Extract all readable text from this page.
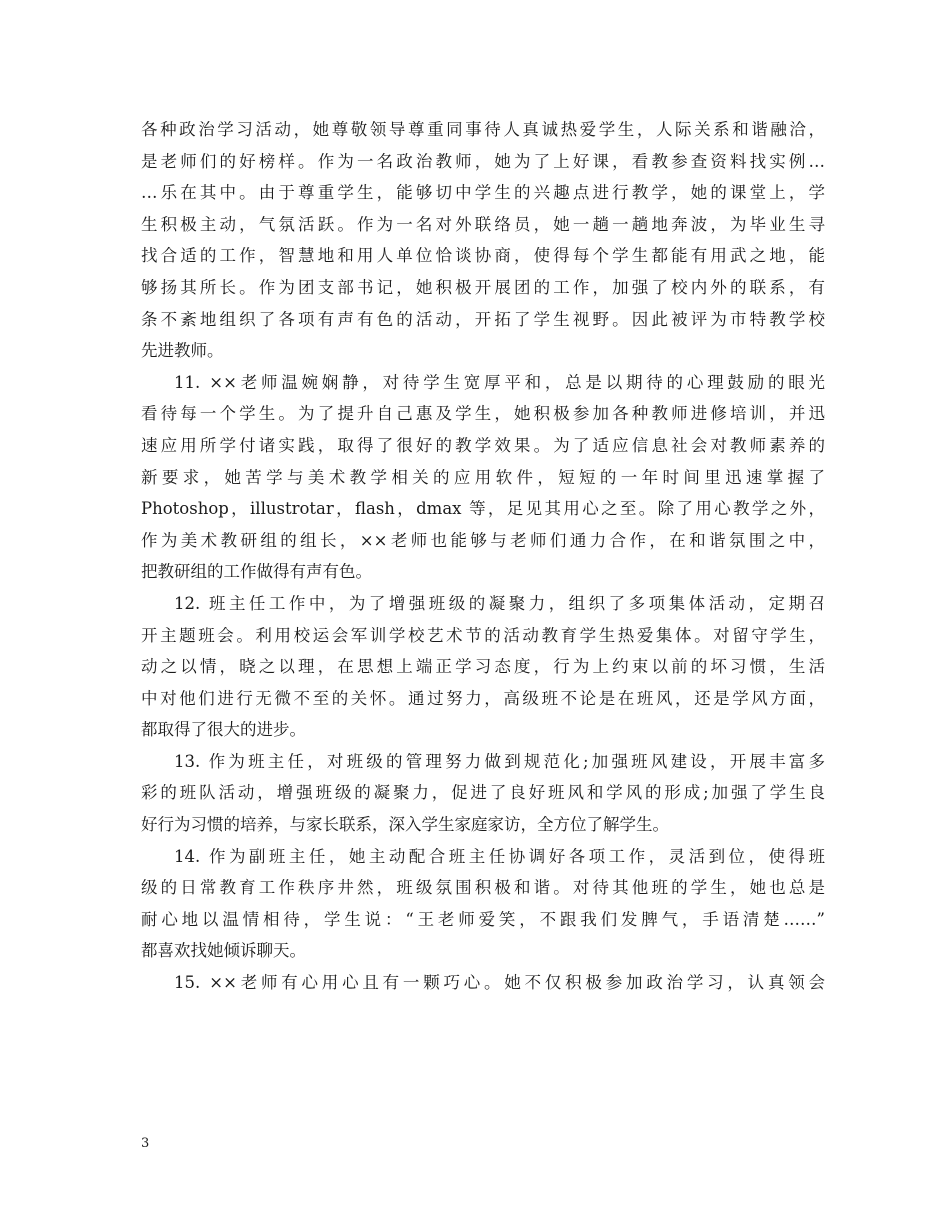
各种政治学习活动，她尊敬领导尊重同事待人真诚热爱学生，人际关系和谐融洽，
是老师们的好榜样。作为一名政治教师，她为了上好课，看教参查资料找实例…
…乐在其中。由于尊重学生，能够切中学生的兴趣点进行教学，她的课堂上，学
生积极主动，气氛活跃。作为一名对外联络员，她一趟一趟地奔波，为毕业生寻
找合适的工作，智慧地和用人单位恰谈协商，使得每个学生都能有用武之地，能
够扬其所长。作为团支部书记，她积极开展团的工作，加强了校内外的联系，有
条不紊地组织了各项有声有色的活动，开拓了学生视野。因此被评为市特教学校
先进教师。
11. ××老师温婉娴静，对待学生宽厚平和，总是以期待的心理鼓励的眼光
看待每一个学生。为了提升自己惠及学生，她积极参加各种教师进修培训，并迅
速应用所学付诸实践，取得了很好的教学效果。为了适应信息社会对教师素养的
新要求，她苦学与美术教学相关的应用软件，短短的一年时间里迅速掌握了
Photoshop，illustrotar，flash，dmax 等，足见其用心之至。除了用心教学之外，
作为美术教研组的组长，××老师也能够与老师们通力合作，在和谐氛围之中，
把教研组的工作做得有声有色。
12. 班主任工作中，为了增强班级的凝聚力，组织了多项集体活动，定期召
开主题班会。利用校运会军训学校艺术节的活动教育学生热爱集体。对留守学生，
动之以情，晓之以理，在思想上端正学习态度，行为上约束以前的坏习惯，生活
中对他们进行无微不至的关怀。通过努力，高级班不论是在班风，还是学风方面，
都取得了很大的进步。
13. 作为班主任，对班级的管理努力做到规范化;加强班风建设，开展丰富多
彩的班队活动，增强班级的凝聚力，促进了良好班风和学风的形成;加强了学生良
好行为习惯的培养，与家长联系，深入学生家庭家访，全方位了解学生。
14. 作为副班主任，她主动配合班主任协调好各项工作，灵活到位，使得班
级的日常教育工作秩序井然，班级氛围积极和谐。对待其他班的学生，她也总是
耐心地以温情相待，学生说：“王老师爱笑，不跟我们发脾气，手语清楚……”
都喜欢找她倾诉聊天。
15. ××老师有心用心且有一颗巧心。她不仅积极参加政治学习，认真领会
3
